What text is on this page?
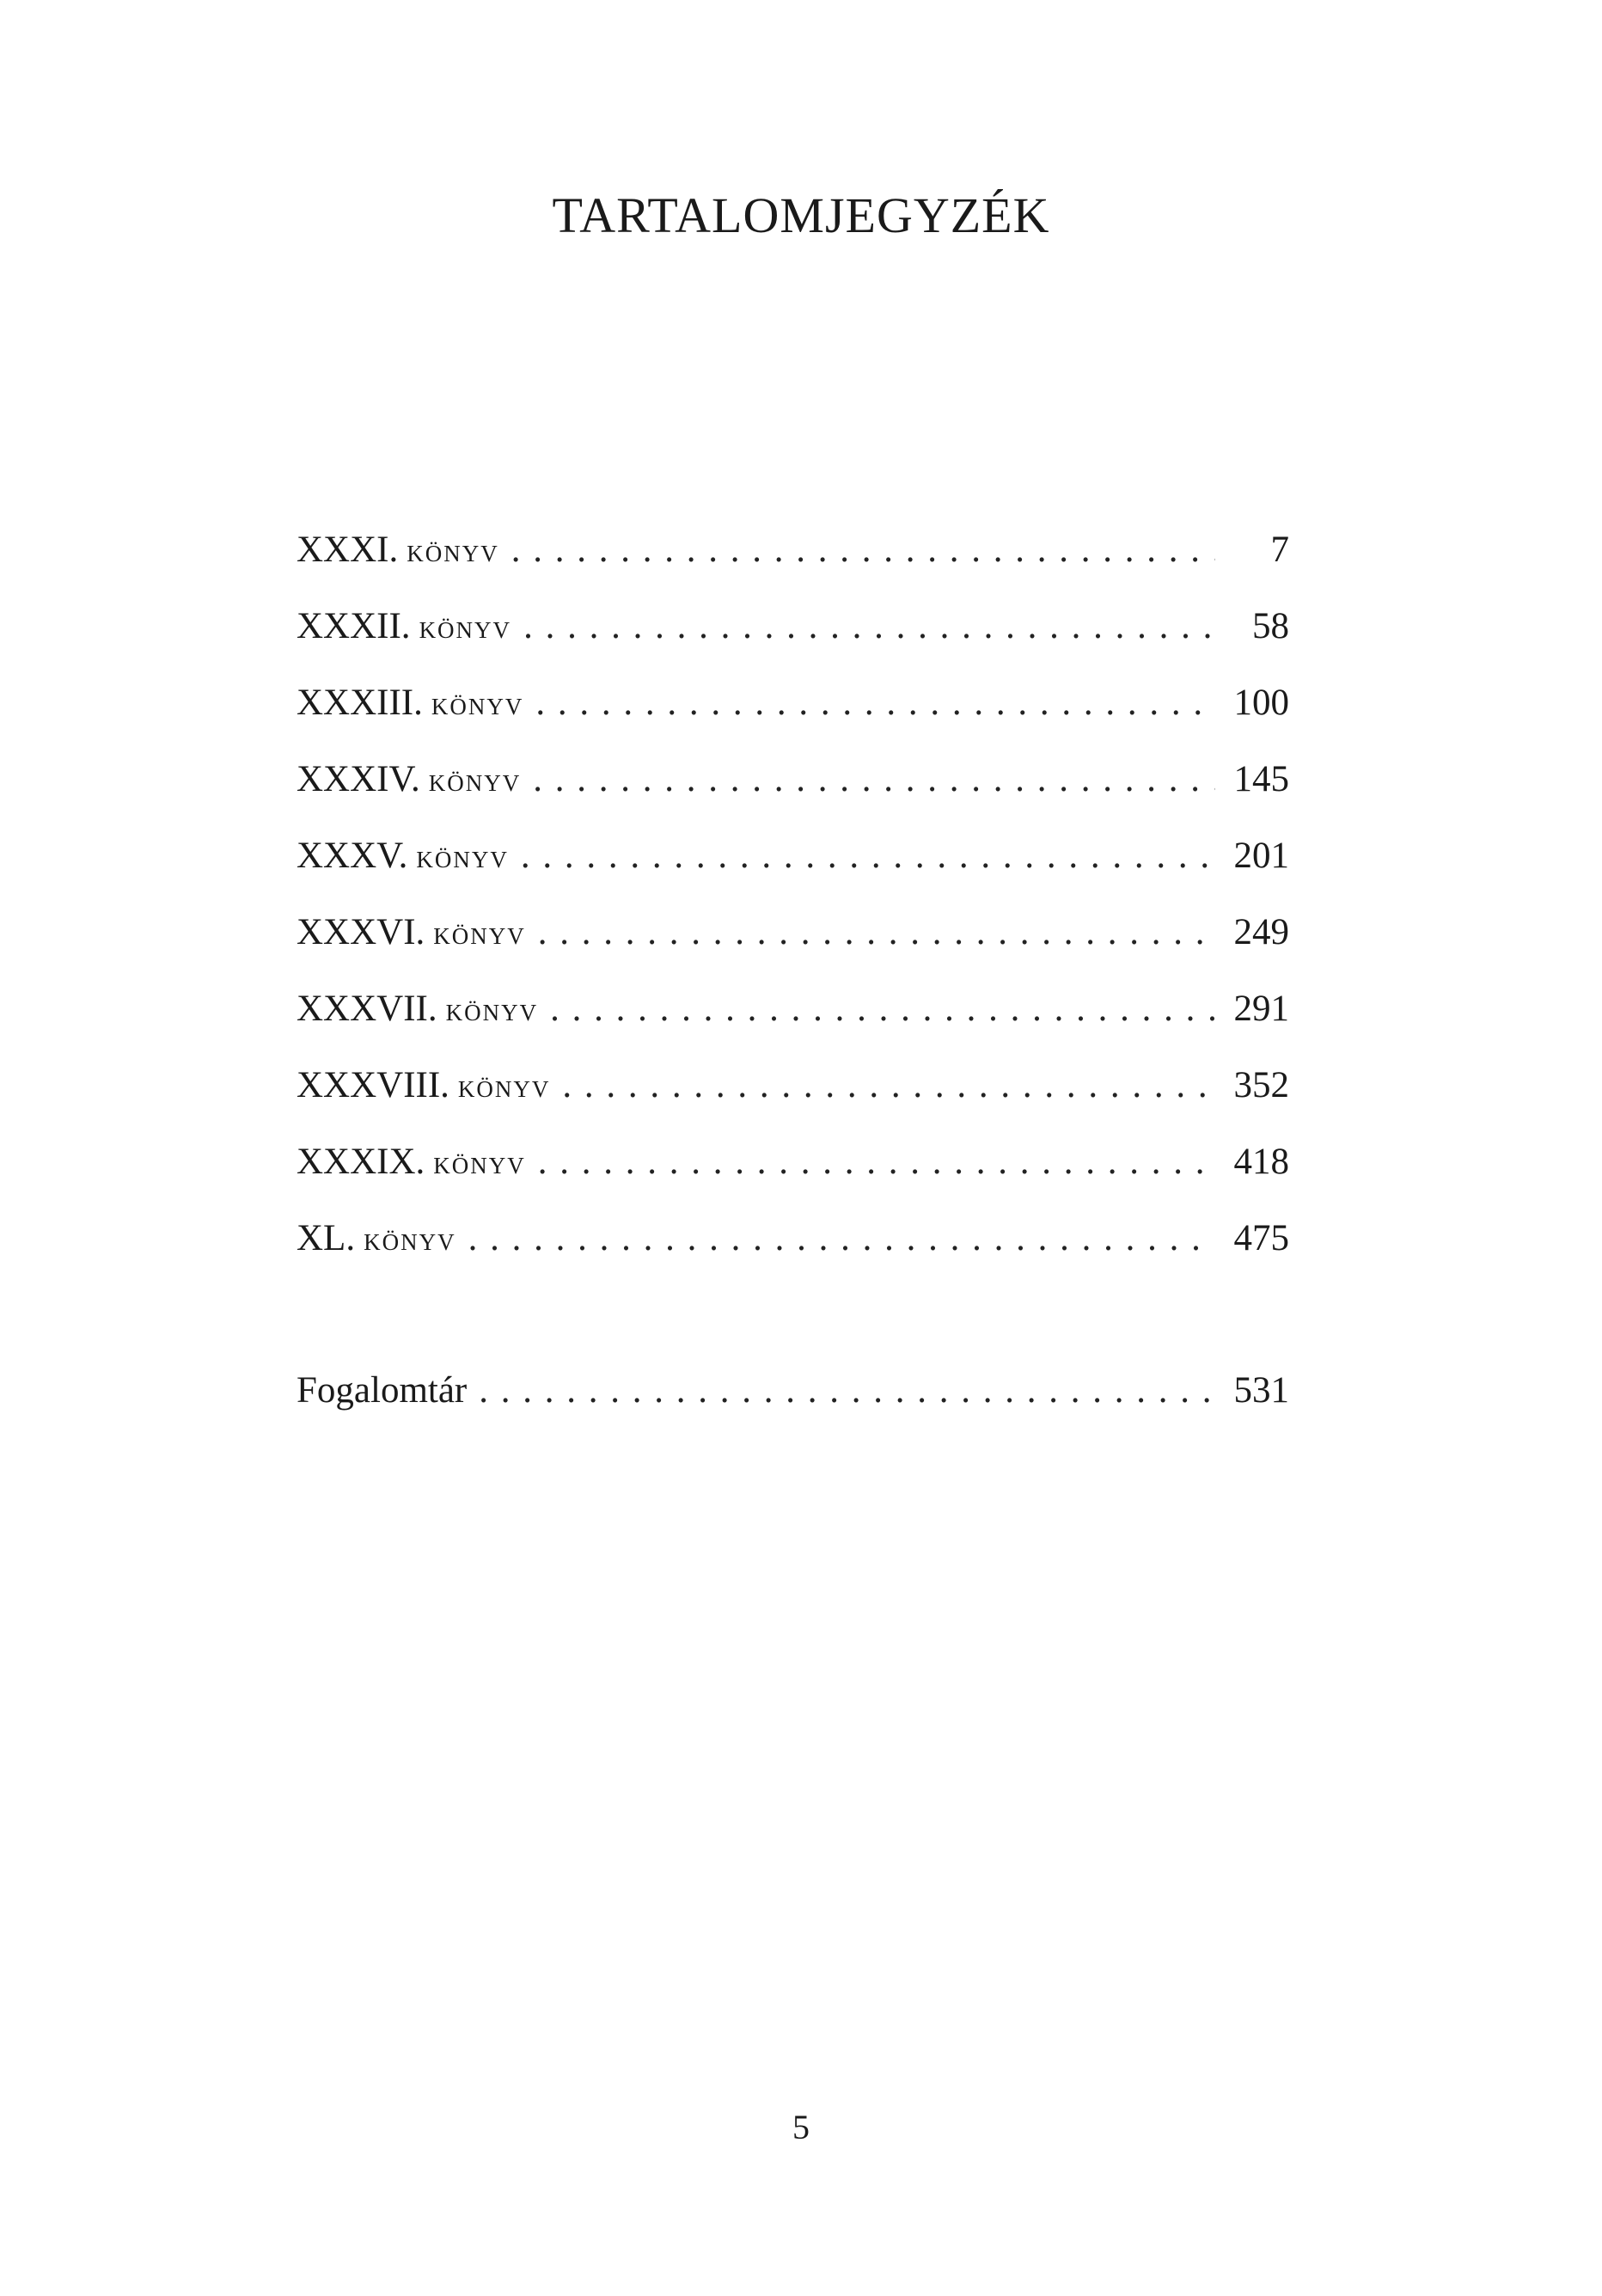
TARTALOMJEGYZÉK
XXXI. KÖNYV . . .	7
XXXII. KÖNYV . . .	58
XXXIII. KÖNYV . . .	100
XXXIV. KÖNYV . . .	145
XXXV. KÖNYV . . .	201
XXXVI. KÖNYV . . .	249
XXXVII. KÖNYV . . .	291
XXXVIII. KÖNYV . . .	352
XXXIX. KÖNYV . . .	418
XL. KÖNYV . . .	475
Fogalomtár . . .	531
5
